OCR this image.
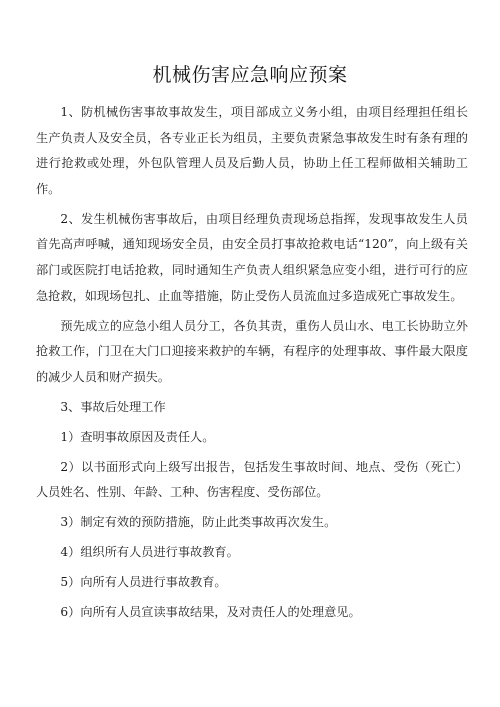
机械伤害应急响应预案

1、防机械伤害事故事故发生，项目部成立义务小组，由项目经理担任组长生产负责人及安全员，各专业正长为组员，主要负责紧急事故发生时有条有理的进行抢救或处理，外包队管理人员及后勤人员，协助上任工程师做相关辅助工作。

2、发生机械伤害事故后，由项目经理负责现场总指挥，发现事故发生人员首先高声呼喊，通知现场安全员，由安全员打事故抢救电话“120”，向上级有关部门或医院打电话抢救，同时通知生产负责人组织紧急应变小组，进行可行的应急抢救，如现场包扎、止血等措施，防止受伤人员流血过多造成死亡事故发生。

预先成立的应急小组人员分工，各负其责，重伤人员山水、电工长协助立外抢救工作，门卫在大门口迎接来救护的车辆，有程序的处理事故、事件最大限度的减少人员和财产损失。

3、事故后处理工作

1）查明事故原因及责任人。

2）以书面形式向上级写出报告，包括发生事故时间、地点、受伤（死亡）人员姓名、性别、年龄、工种、伤害程度、受伤部位。

3）制定有效的预防措施，防止此类事故再次发生。

4）组织所有人员进行事故教育。

5）向所有人员进行事故教育。

6）向所有人员宣读事故结果，及对责任人的处理意见。
